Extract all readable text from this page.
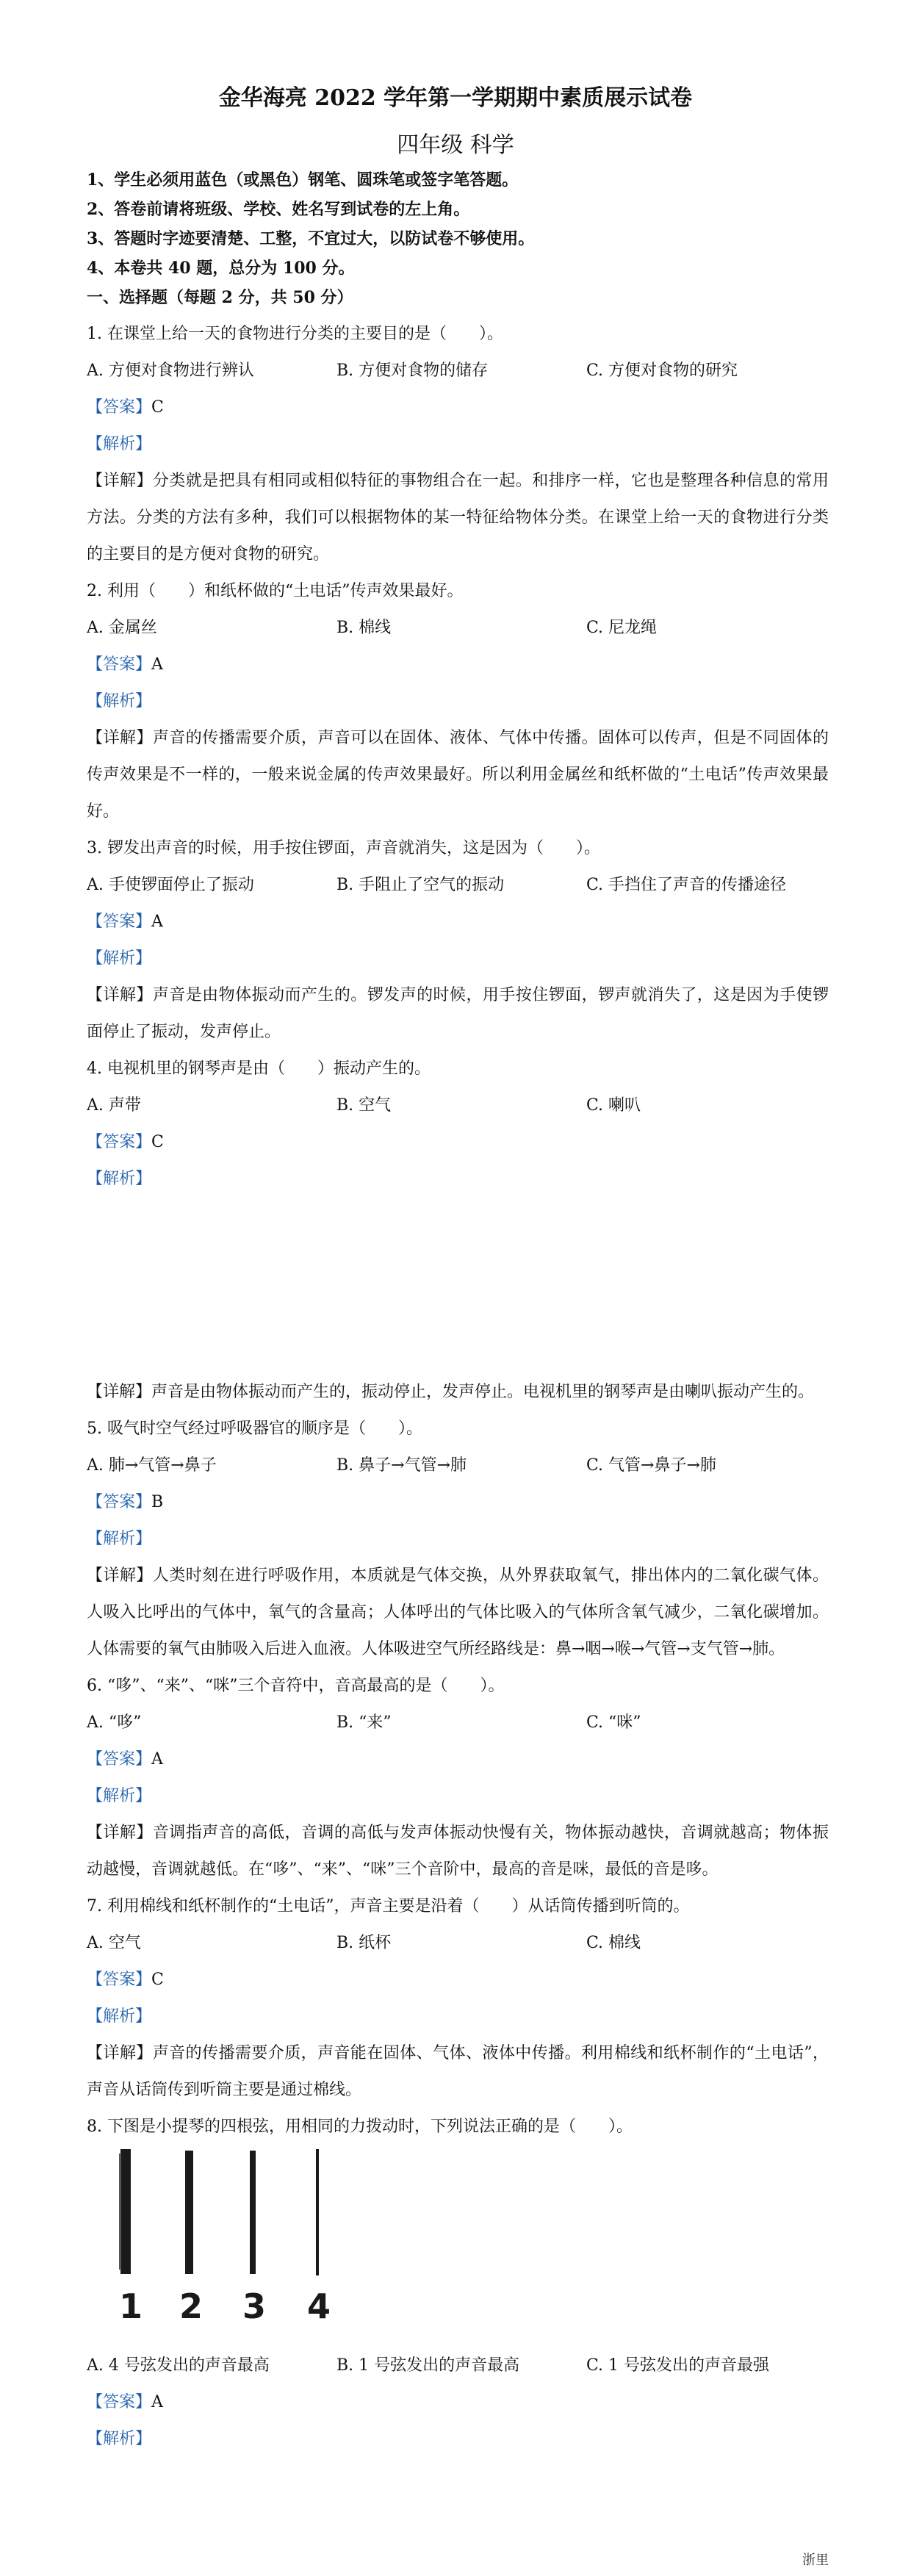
金华海亮 2022 学年第一学期期中素质展示试卷
四年级 科学
1、学生必须用蓝色（或黑色）钢笔、圆珠笔或签字笔答题。
2、答卷前请将班级、学校、姓名写到试卷的左上角。
3、答题时字迹要清楚、工整，不宜过大，以防试卷不够使用。
4、本卷共 40 题，总分为 100 分。
一、选择题（每题 2 分，共 50 分）
1. 在课堂上给一天的食物进行分类的主要目的是（　　）。
A. 方便对食物进行辨认	B. 方便对食物的储存	C. 方便对食物的研究
【答案】C
【解析】
【详解】分类就是把具有相同或相似特征的事物组合在一起。和排序一样，它也是整理各种信息的常用方法。分类的方法有多种，我们可以根据物体的某一特征给物体分类。在课堂上给一天的食物进行分类的主要目的是方便对食物的研究。
2. 利用（　　）和纸杯做的“土电话”传声效果最好。
A. 金属丝	B. 棉线	C. 尼龙绳
【答案】A
【解析】
【详解】声音的传播需要介质，声音可以在固体、液体、气体中传播。固体可以传声，但是不同固体的传声效果是不一样的，一般来说金属的传声效果最好。所以利用金属丝和纸杯做的“土电话”传声效果最好。
3. 锣发出声音的时候，用手按住锣面，声音就消失，这是因为（　　）。
A. 手使锣面停止了振动	B. 手阻止了空气的振动	C. 手挡住了声音的传播途径
【答案】A
【解析】
【详解】声音是由物体振动而产生的。锣发声的时候，用手按住锣面，锣声就消失了，这是因为手使锣面停止了振动，发声停止。
4. 电视机里的钢琴声是由（　　）振动产生的。
A. 声带	B. 空气	C. 喇叭
【答案】C
【解析】
【详解】声音是由物体振动而产生的，振动停止，发声停止。电视机里的钢琴声是由喇叭振动产生的。
5. 吸气时空气经过呼吸器官的顺序是（　　）。
A. 肺→气管→鼻子	B. 鼻子→气管→肺	C. 气管→鼻子→肺
【答案】B
【解析】
【详解】人类时刻在进行呼吸作用，本质就是气体交换，从外界获取氧气，排出体内的二氧化碳气体。人吸入比呼出的气体中，氧气的含量高；人体呼出的气体比吸入的气体所含氧气减少，二氧化碳增加。人体需要的氧气由肺吸入后进入血液。人体吸进空气所经路线是：鼻→咽→喉→气管→支气管→肺。
6. “哆”、“来”、“咪”三个音符中，音高最高的是（　　）。
A. “哆”	B. “来”	C. “咪”
【答案】A
【解析】
【详解】音调指声音的高低，音调的高低与发声体振动快慢有关，物体振动越快，音调就越高；物体振动越慢，音调就越低。在“哆”、“来”、“咪”三个音阶中，最高的音是咪，最低的音是哆。
7. 利用棉线和纸杯制作的“土电话”，声音主要是沿着（　　）从话筒传播到听筒的。
A. 空气	B. 纸杯	C. 棉线
【答案】C
【解析】
【详解】声音的传播需要介质，声音能在固体、气体、液体中传播。利用棉线和纸杯制作的“土电话”，声音从话筒传到听筒主要是通过棉线。
8. 下图是小提琴的四根弦，用相同的力拨动时，下列说法正确的是（　　）。
1 2 3 4
A. 4 号弦发出的声音最高	B. 1 号弦发出的声音最高	C. 1 号弦发出的声音最强
【答案】A
【解析】
浙里
